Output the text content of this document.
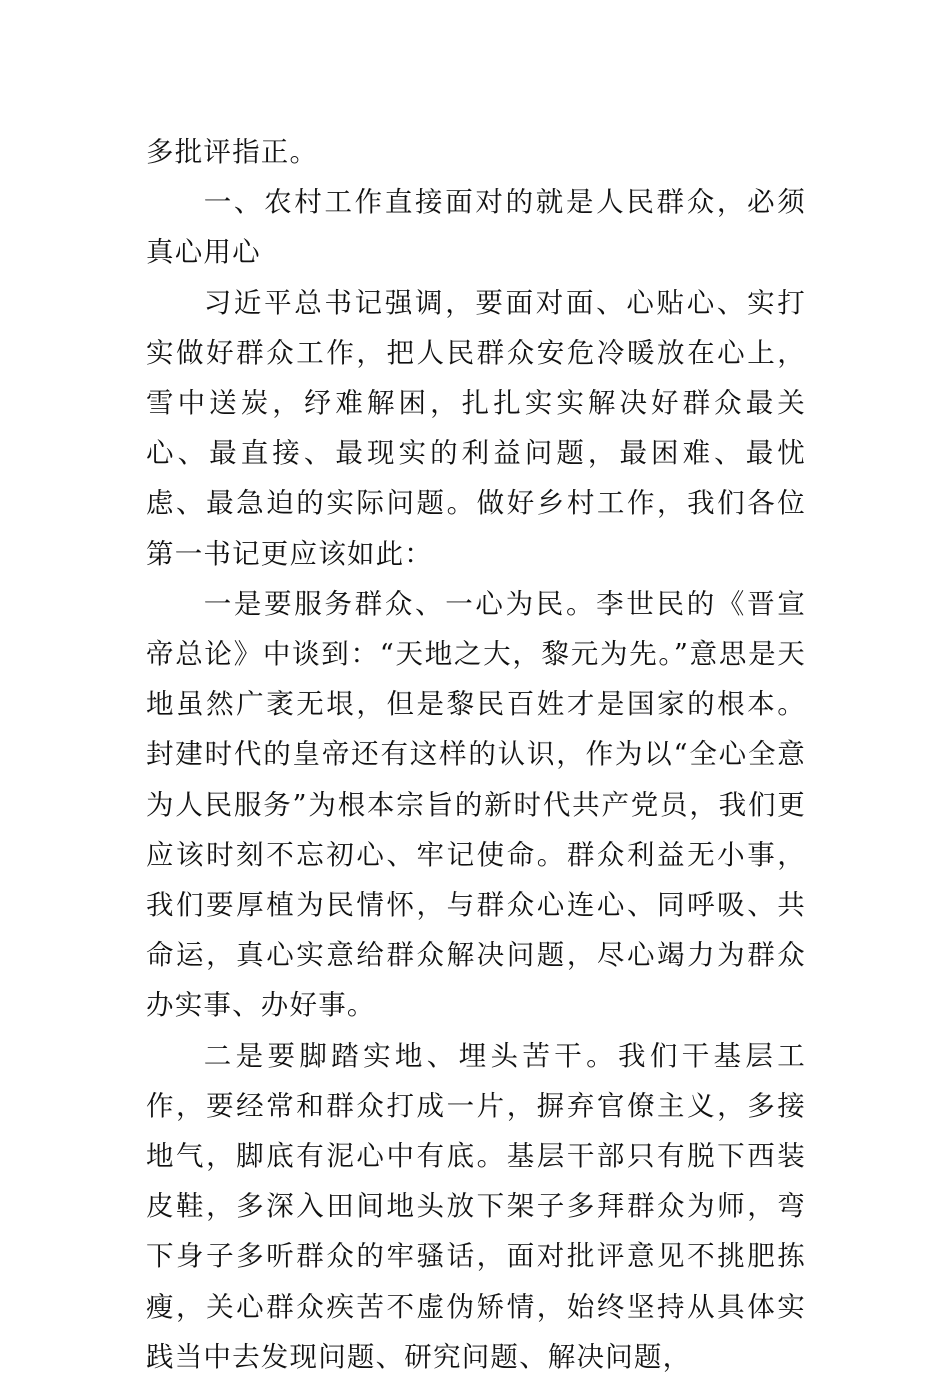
多批评指正。

一、农村工作直接面对的就是人民群众，必须真心用心

习近平总书记强调，要面对面、心贴心、实打实做好群众工作，把人民群众安危冷暖放在心上，雪中送炭，纾难解困，扎扎实实解决好群众最关心、最直接、最现实的利益问题，最困难、最忧虑、最急迫的实际问题。做好乡村工作，我们各位第一书记更应该如此：

一是要服务群众、一心为民。李世民的《晋宣帝总论》中谈到：“天地之大，黎元为先。”意思是天地虽然广袤无垠，但是黎民百姓才是国家的根本。封建时代的皇帝还有这样的认识，作为以“全心全意为人民服务”为根本宗旨的新时代共产党员，我们更应该时刻不忘初心、牢记使命。群众利益无小事，我们要厚植为民情怀，与群众心连心、同呼吸、共命运，真心实意给群众解决问题，尽心竭力为群众办实事、办好事。

二是要脚踏实地、埋头苦干。我们干基层工作，要经常和群众打成一片，摒弃官僚主义，多接地气，脚底有泥心中有底。基层干部只有脱下西装皮鞋，多深入田间地头放下架子多拜群众为师，弯下身子多听群众的牢骚话，面对批评意见不挑肥拣瘦，关心群众疾苦不虚伪矫情，始终坚持从具体实践当中去发现问题、研究问题、解决问题，
